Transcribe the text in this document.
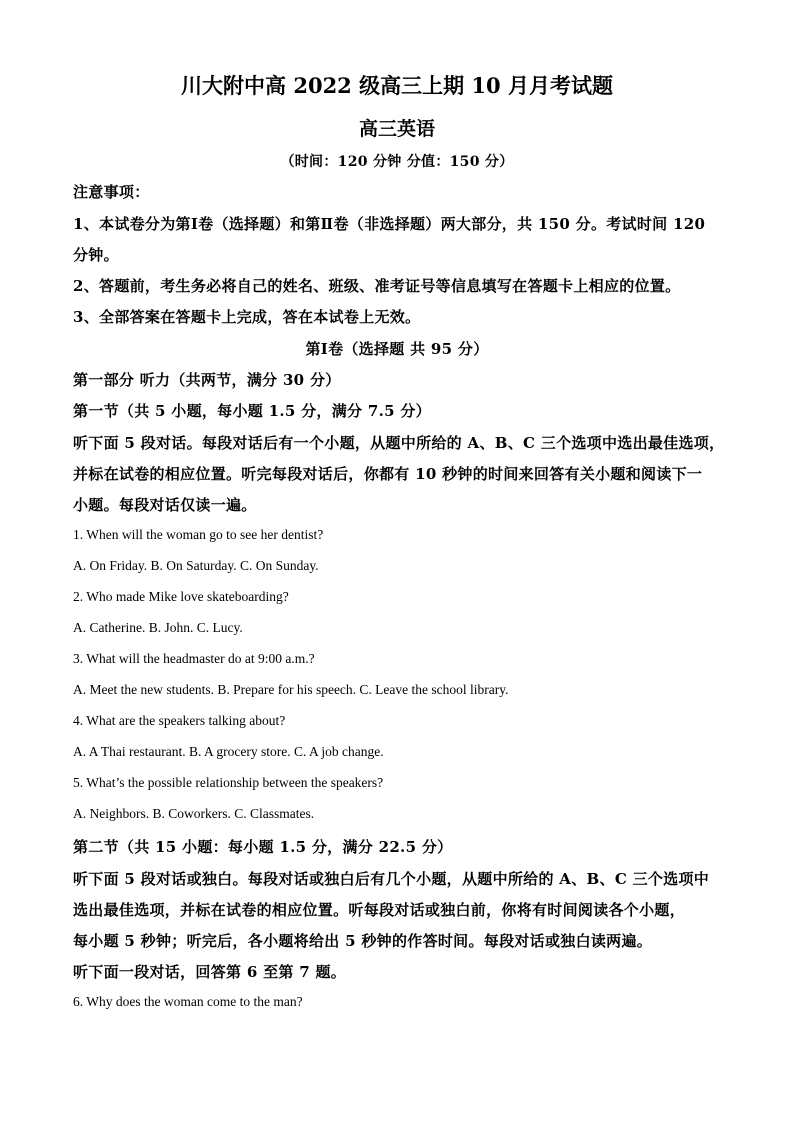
川大附中高 2022 级高三上期 10 月月考试题
高三英语
（时间：120 分钟 分值：150 分）
注意事项：
1、本试卷分为第Ⅰ卷（选择题）和第Ⅱ卷（非选择题）两大部分，共 150 分。考试时间 120
分钟。
2、答题前，考生务必将自己的姓名、班级、准考证号等信息填写在答题卡上相应的位置。
3、全部答案在答题卡上完成，答在本试卷上无效。
第Ⅰ卷（选择题 共 95 分）
第一部分 听力（共两节，满分 30 分）
第一节（共 5 小题，每小题 1.5 分，满分 7.5 分）
听下面 5 段对话。每段对话后有一个小题，从题中所给的 A、B、C 三个选项中选出最佳选项，
并标在试卷的相应位置。听完每段对话后，你都有 10 秒钟的时间来回答有关小题和阅读下一
小题。每段对话仅读一遍。
1. When will the woman go to see her dentist?
A. On Friday. B. On Saturday. C. On Sunday.
2. Who made Mike love skateboarding?
A. Catherine. B. John. C. Lucy.
3. What will the headmaster do at 9:00 a.m.?
A. Meet the new students. B. Prepare for his speech. C. Leave the school library.
4. What are the speakers talking about?
A. A Thai restaurant. B. A grocery store. C. A job change.
5. What’s the possible relationship between the speakers?
A. Neighbors. B. Coworkers. C. Classmates.
第二节（共 15 小题：每小题 1.5 分，满分 22.5 分）
听下面 5 段对话或独白。每段对话或独白后有几个小题，从题中所给的 A、B、C 三个选项中
选出最佳选项，并标在试卷的相应位置。听每段对话或独白前，你将有时间阅读各个小题，
每小题 5 秒钟；听完后，各小题将给出 5 秒钟的作答时间。每段对话或独白读两遍。
听下面一段对话，回答第 6 至第 7 题。
6. Why does the woman come to the man?
